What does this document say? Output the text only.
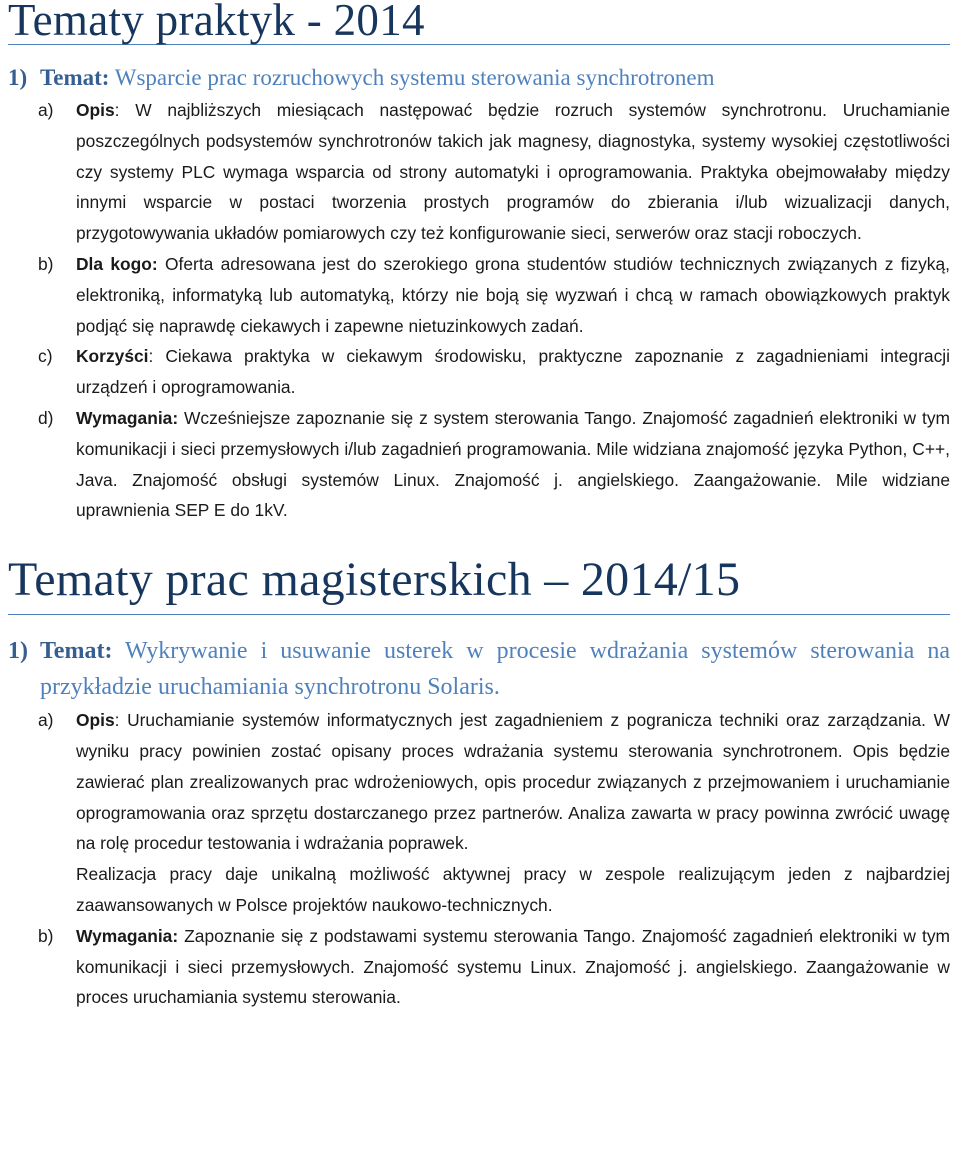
Tematy praktyk - 2014
1) Temat: Wsparcie prac rozruchowych systemu sterowania synchrotronem
a)	Opis: W najbliższych miesiącach następować będzie rozruch systemów synchrotronu. Uruchamianie poszczególnych podsystemów synchrotronów takich jak magnesy, diagnostyka, systemy wysokiej częstotliwości czy systemy PLC wymaga wsparcia od strony automatyki i oprogramowania. Praktyka obejmowałaby między innymi wsparcie w postaci tworzenia prostych programów do zbierania i/lub wizualizacji danych, przygotowywania układów pomiarowych czy też konfigurowanie sieci, serwerów oraz stacji roboczych.
b)	Dla kogo: Oferta adresowana jest do szerokiego grona studentów studiów technicznych związanych z fizyką, elektroniką, informatyką lub automatyką, którzy nie boją się wyzwań i chcą w ramach obowiązkowych praktyk podjąć się naprawdę ciekawych i zapewne nietuzinkowych zadań.
c)	Korzyści: Ciekawa praktyka w ciekawym środowisku, praktyczne zapoznanie z zagadnieniami integracji urządzeń i oprogramowania.
d)	Wymagania: Wcześniejsze zapoznanie się z system sterowania Tango. Znajomość zagadnień elektroniki w tym komunikacji i sieci przemysłowych i/lub zagadnień programowania. Mile widziana znajomość języka Python, C++, Java. Znajomość obsługi systemów Linux. Znajomość j. angielskiego. Zaangażowanie. Mile widziane uprawnienia SEP E do 1kV.
Tematy prac magisterskich – 2014/15
1) Temat: Wykrywanie i usuwanie usterek w procesie wdrażania systemów sterowania na przykładzie uruchamiania synchrotronu Solaris.
a)	Opis: Uruchamianie systemów informatycznych jest zagadnieniem z pogranicza techniki oraz zarządzania. W wyniku pracy powinien zostać opisany proces wdrażania systemu sterowania synchrotronem. Opis będzie zawierać plan zrealizowanych prac wdrożeniowych, opis procedur związanych z przejmowaniem i uruchamianie oprogramowania oraz sprzętu dostarczanego przez partnerów. Analiza zawarta w pracy powinna zwrócić uwagę na rolę procedur testowania i wdrażania poprawek.

Realizacja pracy daje unikalną możliwość aktywnej pracy w zespole realizującym jeden z najbardziej zaawansowanych w Polsce projektów naukowo-technicznych.

b)	Wymagania: Zapoznanie się z podstawami systemu sterowania Tango. Znajomość zagadnień elektroniki w tym komunikacji i sieci przemysłowych. Znajomość systemu Linux. Znajomość j. angielskiego. Zaangażowanie w proces uruchamiania systemu sterowania.
